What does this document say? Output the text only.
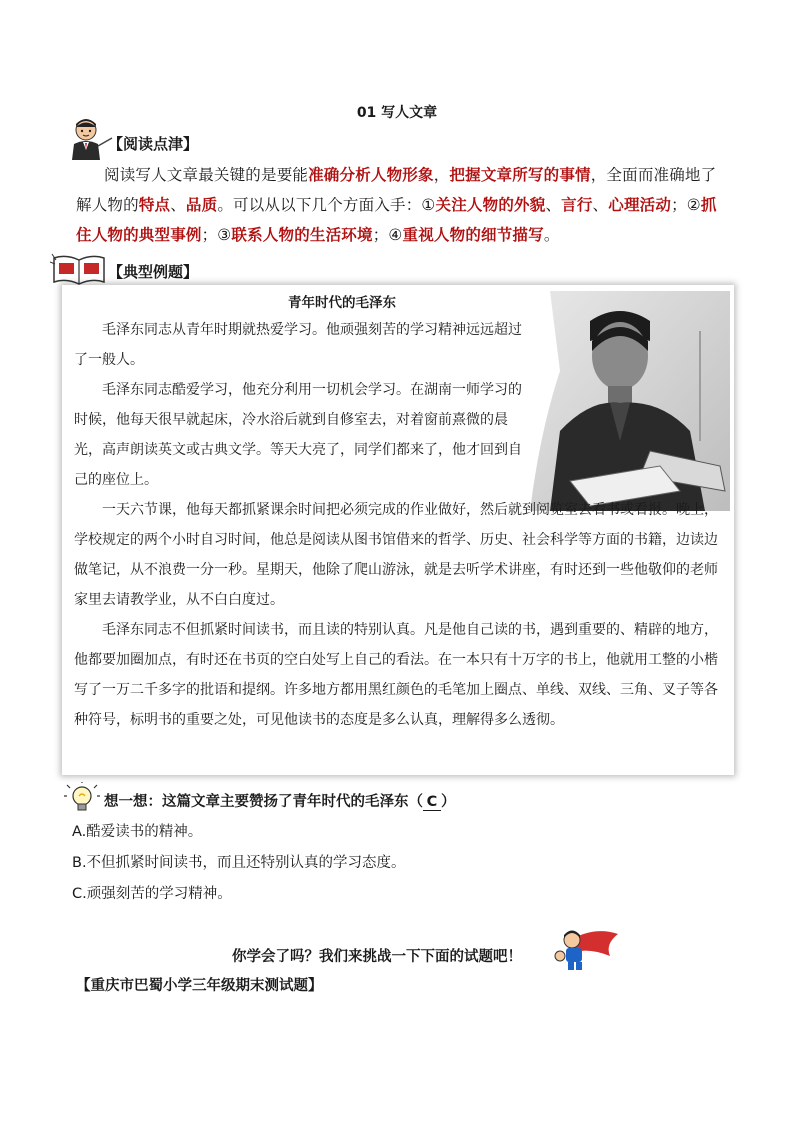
01 写人文章
【阅读点津】
阅读写人文章最关键的是要能准确分析人物形象，把握文章所写的事情，全面而准确地了解人物的特点、品质。可以从以下几个方面入手：①关注人物的外貌、言行、心理活动；②抓住人物的典型事例；③联系人物的生活环境；④重视人物的细节描写。
【典型例题】
青年时代的毛泽东

毛泽东同志从青年时期就热爱学习。他顽强刻苦的学习精神远远超过了一般人。

毛泽东同志酷爱学习，他充分利用一切机会学习。在湖南一师学习的时候，他每天很早就起床，冷水浴后就到自修室去，对着窗前熹微的晨光，高声朗读英文或古典文学。等天大亮了，同学们都来了，他才回到自己的座位上。

一天六节课，他每天都抓紧课余时间把必须完成的作业做好，然后就到阅览室去看书或看报。晚上，学校规定的两个小时自习时间，他总是阅读从图书馆借来的哲学、历史、社会科学等方面的书籍，边读边做笔记，从不浪费一分一秒。星期天，他除了爬山游泳，就是去听学术讲座，有时还到一些他敬仰的老师家里去请教学业，从不白白度过。

毛泽东同志不但抓紧时间读书，而且读的特别认真。凡是他自己读的书，遇到重要的、精辟的地方，他都要加圈加点，有时还在书页的空白处写上自己的看法。在一本只有十万字的书上，他就用工整的小楷写了一万二千多字的批语和提纲。许多地方都用黑红颜色的毛笔加上圈点、单线、双线、三角、叉子等各种符号，标明书的重要之处，可见他读书的态度是多么认真，理解得多么透彻。

想一想：这篇文章主要赞扬了青年时代的毛泽东（ C ）
A.酷爱读书的精神。
B.不但抓紧时间读书，而且还特别认真的学习态度。
C.顽强刻苦的学习精神。
你学会了吗？我们来挑战一下下面的试题吧！
【重庆市巴蜀小学三年级期末测试题】
